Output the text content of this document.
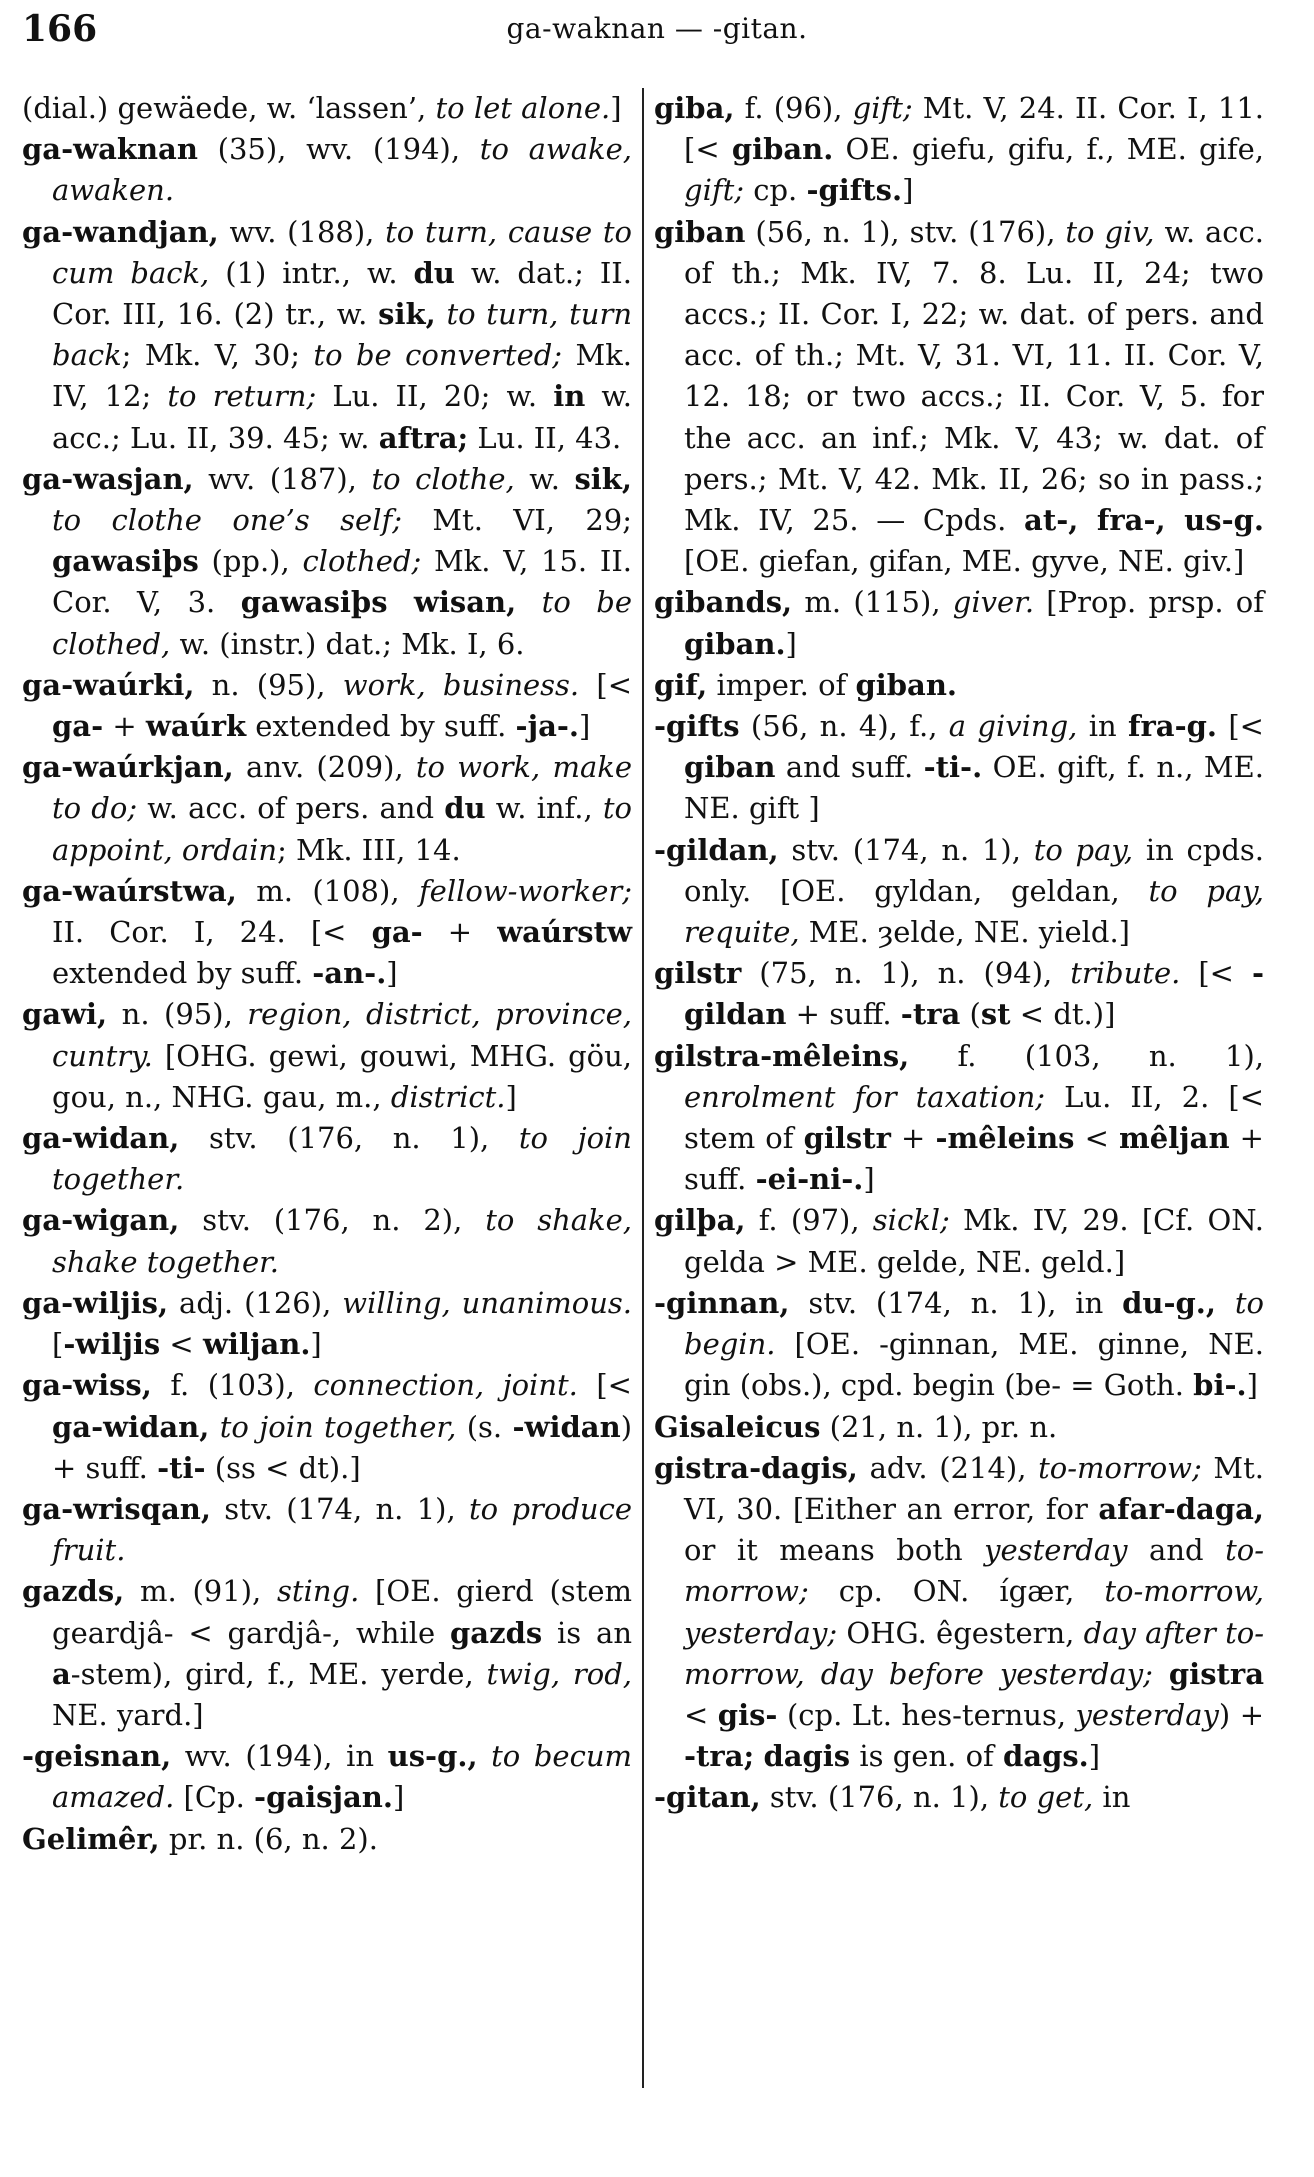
166	ga-waknan — -gitan.
(dial.) gewäede, w. ‘lassen’, to let alone.]
ga-waknan (35), wv. (194), to awake, awaken.
ga-wandjan, wv. (188), to turn, cause to cum back, (1) intr., w. du w. dat.; II. Cor. III, 16. (2) tr., w. sik, to turn, turn back; Mk. V, 30; to be converted; Mk. IV, 12; to return; Lu. II, 20; w. in w. acc.; Lu. II, 39. 45; w. aftra; Lu. II, 43.
ga-wasjan, wv. (187), to clothe, w. sik, to clothe one’s self; Mt. VI, 29; gawasiþs (pp.), clothed; Mk. V, 15. II. Cor. V, 3. gawasiþs wisan, to be clothed, w. (instr.) dat.; Mk. I, 6.
ga-waúrki, n. (95), work, business. [< ga- + waúrk extended by suff. -ja-.]
ga-waúrkjan, anv. (209), to work, make to do; w. acc. of pers. and du w. inf., to appoint, ordain; Mk. III, 14.
ga-waúrstwa, m. (108), fellow-worker; II. Cor. I, 24. [< ga- + waúrstw extended by suff. -an-.]
gawi, n. (95), region, district, province, cuntry. [OHG. gewi, gouwi, MHG. göu, gou, n., NHG. gau, m., district.]
ga-widan, stv. (176, n. 1), to join together.
ga-wigan, stv. (176, n. 2), to shake, shake together.
ga-wiljis, adj. (126), willing, unanimous. [-wiljis < wiljan.]
ga-wiss, f. (103), connection, joint. [< ga-widan, to join together, (s. -widan) + suff. -ti- (ss < dt).]
ga-wrisqan, stv. (174, n. 1), to produce fruit.
gazds, m. (91), sting. [OE. gierd (stem geardjâ- < gardjâ-, while gazds is an a-stem), gird, f., ME. yerde, twig, rod, NE. yard.]
-geisnan, wv. (194), in us-g., to becum amazed. [Cp. -gaisjan.]
Gelimêr, pr. n. (6, n. 2).
giba, f. (96), gift; Mt. V, 24. II. Cor. I, 11. [< giban. OE. giefu, gifu, f., ME. gife, gift; cp. -gifts.]
giban (56, n. 1), stv. (176), to giv, w. acc. of th.; Mk. IV, 7. 8. Lu. II, 24; two accs.; II. Cor. I, 22; w. dat. of pers. and acc. of th.; Mt. V, 31. VI, 11. II. Cor. V, 12. 18; or two accs.; II. Cor. V, 5. for the acc. an inf.; Mk. V, 43; w. dat. of pers.; Mt. V, 42. Mk. II, 26; so in pass.; Mk. IV, 25. — Cpds. at-, fra-, us-g. [OE. giefan, gifan, ME. gyve, NE. giv.]
gibands, m. (115), giver. [Prop. prsp. of giban.]
gif, imper. of giban.
-gifts (56, n. 4), f., a giving, in fra-g. [< giban and suff. -ti-. OE. gift, f. n., ME. NE. gift ]
-gildan, stv. (174, n. 1), to pay, in cpds. only. [OE. gyldan, geldan, to pay, requite, ME. ȝelde, NE. yield.]
gilstr (75, n. 1), n. (94), tribute. [< -gildan + suff. -tra (st < dt.)]
gilstra-mêleins, f. (103, n. 1), enrolment for taxation; Lu. II, 2. [< stem of gilstr + -mêleins < mêljan + suff. -ei-ni-.]
gilþa, f. (97), sickl; Mk. IV, 29. [Cf. ON. gelda > ME. gelde, NE. geld.]
-ginnan, stv. (174, n. 1), in du-g., to begin. [OE. -ginnan, ME. ginne, NE. gin (obs.), cpd. begin (be- = Goth. bi-.]
Gisaleicus (21, n. 1), pr. n.
gistra-dagis, adv. (214), to-morrow; Mt. VI, 30. [Either an error, for afar-daga, or it means both yesterday and to-morrow; cp. ON. ígær, to-morrow, yesterday; OHG. êgestern, day after to-morrow, day before yesterday; gistra < gis- (cp. Lt. hes-ternus, yesterday) + -tra; dagis is gen. of dags.]
-gitan, stv. (176, n. 1), to get, in
